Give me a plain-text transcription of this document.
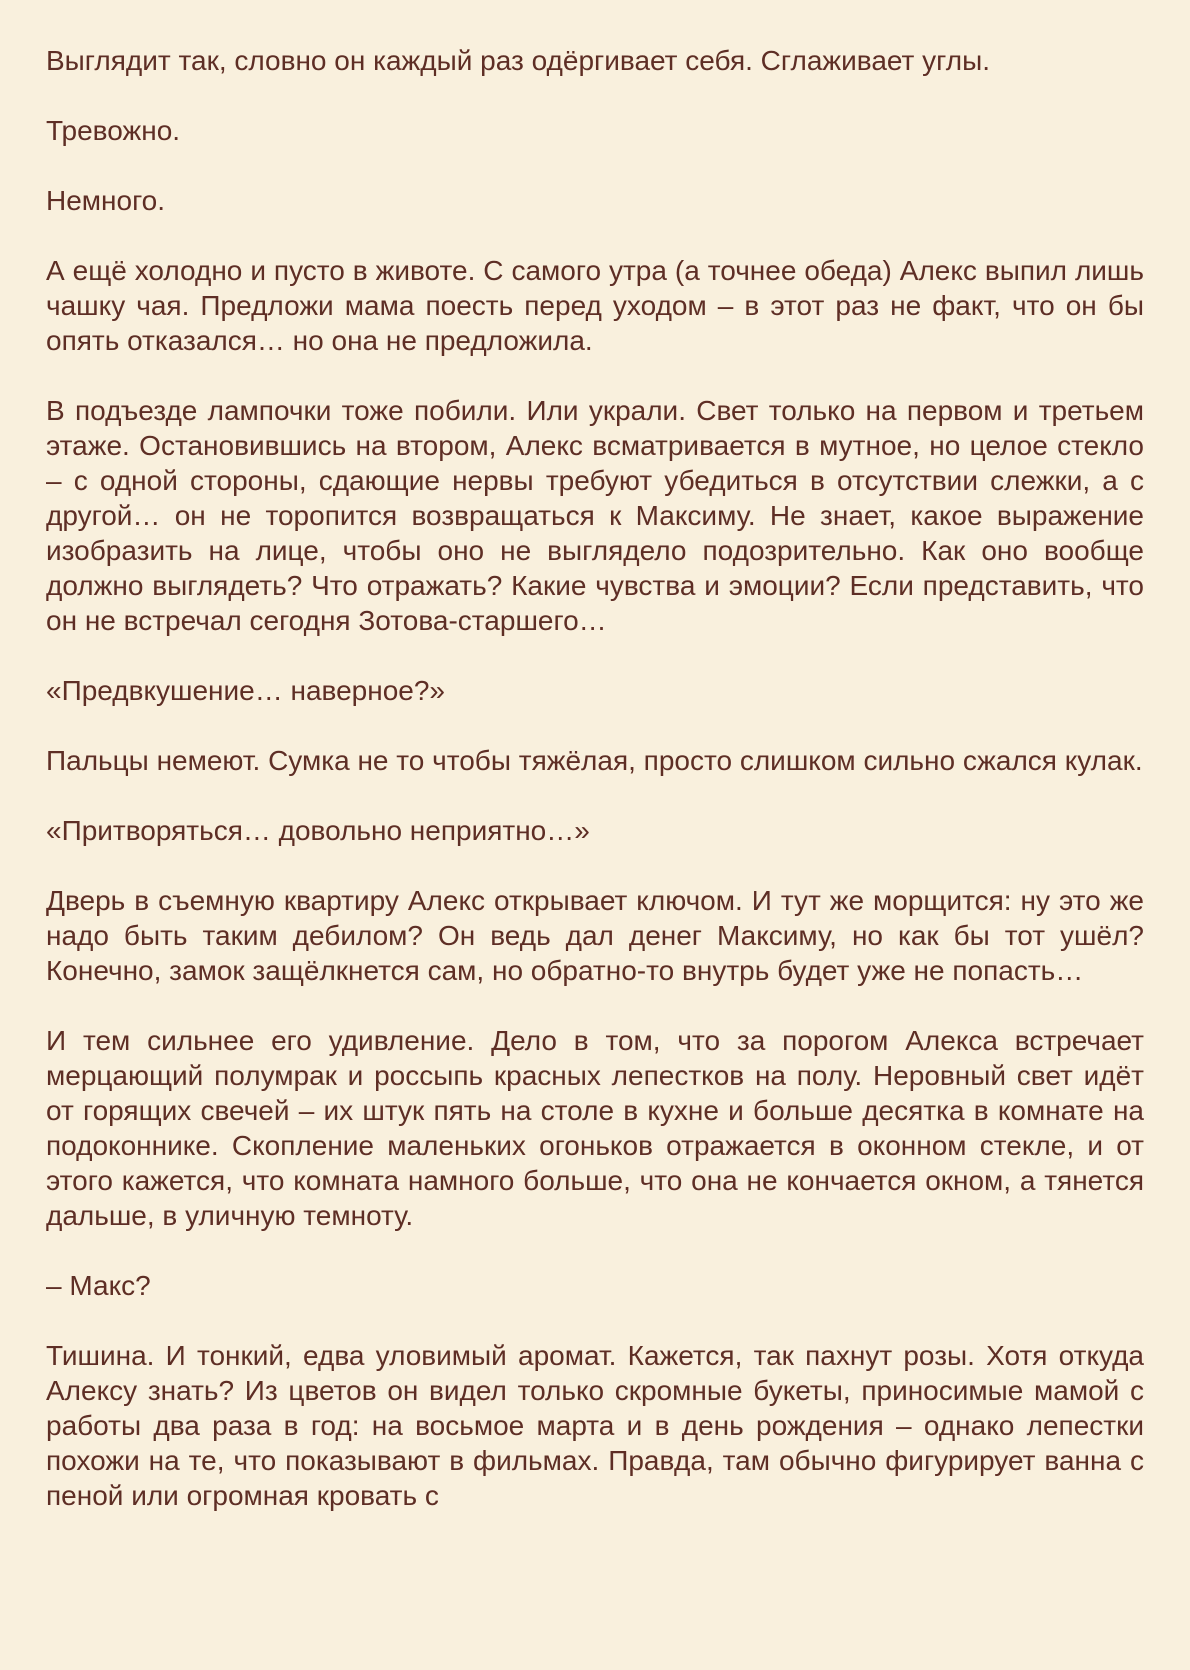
Выглядит так, словно он каждый раз одёргивает себя. Сглаживает углы.

Тревожно.

Немного.

А ещё холодно и пусто в животе. С самого утра (а точнее обеда) Алекс выпил лишь чашку чая. Предложи мама поесть перед уходом – в этот раз не факт, что он бы опять отказался… но она не предложила.

В подъезде лампочки тоже побили. Или украли. Свет только на первом и третьем этаже. Остановившись на втором, Алекс всматривается в мутное, но целое стекло – с одной стороны, сдающие нервы требуют убедиться в отсутствии слежки, а с другой… он не торопится возвращаться к Максиму. Не знает, какое выражение изобразить на лице, чтобы оно не выглядело подозрительно. Как оно вообще должно выглядеть? Что отражать? Какие чувства и эмоции? Если представить, что он не встречал сегодня Зотова-старшего…

«Предвкушение… наверное?»

Пальцы немеют. Сумка не то чтобы тяжёлая, просто слишком сильно сжался кулак.

«Притворяться… довольно неприятно…»

Дверь в съемную квартиру Алекс открывает ключом. И тут же морщится: ну это же надо быть таким дебилом? Он ведь дал денег Максиму, но как бы тот ушёл? Конечно, замок защёлкнется сам, но обратно-то внутрь будет уже не попасть…

И тем сильнее его удивление. Дело в том, что за порогом Алекса встречает мерцающий полумрак и россыпь красных лепестков на полу. Неровный свет идёт от горящих свечей – их штук пять на столе в кухне и больше десятка в комнате на подоконнике. Скопление маленьких огоньков отражается в оконном стекле, и от этого кажется, что комната намного больше, что она не кончается окном, а тянется дальше, в уличную темноту.

– Макс?

Тишина. И тонкий, едва уловимый аромат. Кажется, так пахнут розы. Хотя откуда Алексу знать? Из цветов он видел только скромные букеты, приносимые мамой с работы два раза в год: на восьмое марта и в день рождения – однако лепестки похожи на те, что показывают в фильмах. Правда, там обычно фигурирует ванна с пеной или огромная кровать с
